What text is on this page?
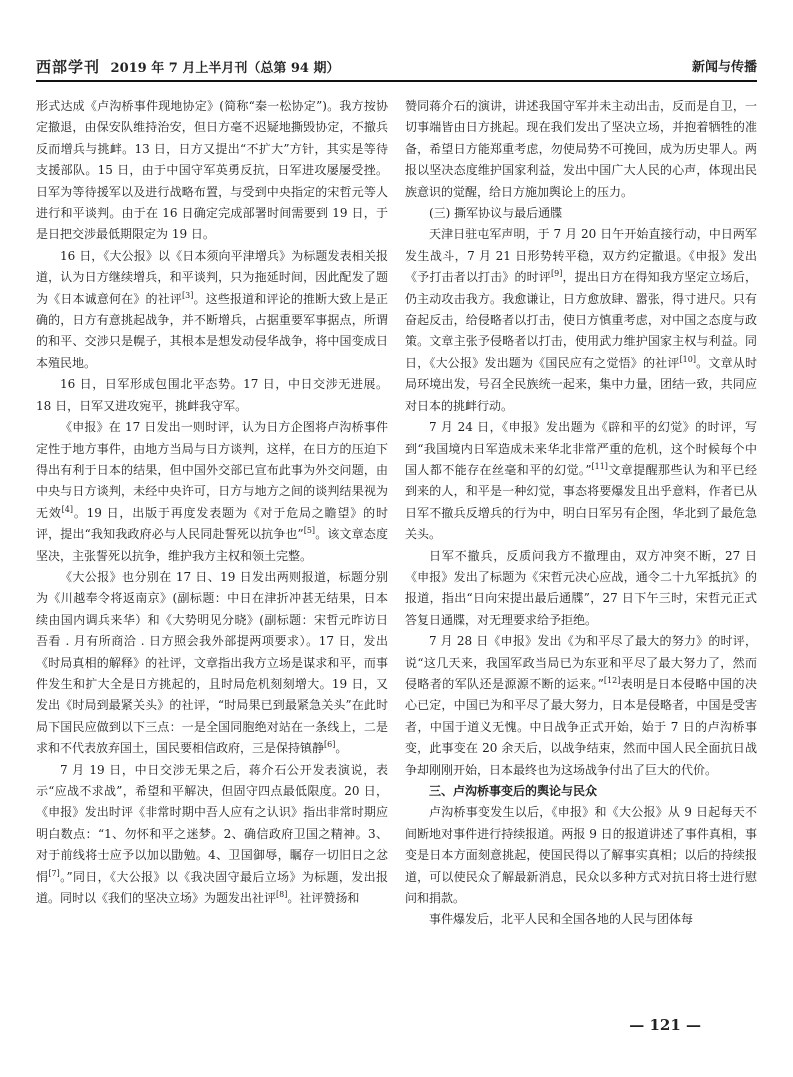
西部学刊 2019 年 7 月上半月刊（总第 94 期）	新闻与传播

形式达成《卢沟桥事件现地协定》(简称“秦一松协定”)。我方按协定撤退，由保安队维持治安，但日方毫不迟疑地撕毁协定，不撤兵反而增兵与挑衅。13 日，日方又提出“不扩大”方针，其实是等待支援部队。15 日，由于中国守军英勇反抗，日军进攻屡屡受挫。日军为等待援军以及进行战略布置，与受到中央指定的宋哲元等人进行和平谈判。由于在 16 日确定完成部署时间需要到 19 日，于是日把交涉最低期限定为 19 日。

16 日，《大公报》以《日本须向平津增兵》为标题发表相关报道，认为日方继续增兵，和平谈判，只为拖延时间，因此配发了题为《日本诚意何在》的社评[3]。这些报道和评论的推断大致上是正确的，日方有意挑起战争，并不断增兵，占据重要军事据点，所谓的和平、交涉只是幌子，其根本是想发动侵华战争，将中国变成日本殖民地。

16 日，日军形成包围北平态势。17 日，中日交涉无进展。18 日，日军又进攻宛平，挑衅我守军。

《申报》在 17 日发出一则时评，认为日方企图将卢沟桥事件定性于地方事件，由地方当局与日方谈判，这样，在日方的压迫下得出有利于日本的结果，但中国外交部已宣布此事为外交问题，由中央与日方谈判，未经中央许可，日方与地方之间的谈判结果视为无效[4]。19 日，出版于再度发表题为《对于危局之瞻望》的时评，提出“我知我政府必与人民同赴誓死以抗争也”[5]。该文章态度坚决，主张誓死以抗争，维护我方主权和领土完整。

《大公报》也分别在 17 日、19 日发出两则报道，标题分别为《川越奉令将返南京》(副标题：中日在津折冲甚无结果，日本续由国内调兵来华）和《大势明见分晓》(副标题：宋哲元昨访日吾看 . 月有所商洽 . 日方照会我外部提两项要求）。17 日，发出《时局真相的解释》的社评，文章指出我方立场是谋求和平，而事件发生和扩大全是日方挑起的，且时局危机刻刻增大。19 日，又发出《时局到最紧关头》的社评，“时局果已到最紧急关头”在此时局下国民应做到以下三点：一是全国同胞绝对站在一条线上，二是求和不代表放弃国土，国民要相信政府，三是保持镇静[6]。

7 月 19 日，中日交涉无果之后，蒋介石公开发表演说，表示“应战不求战”，希望和平解决，但固守四点最低限度。20 日，《申报》发出时评《非常时期中吾人应有之认识》指出非常时期应明白数点：“1、勿怀和平之迷梦。2、确信政府卫国之精神。3、对于前线将士应予以加以勖勉。4、卫国御辱，瞩存一切旧日之忿悁[7]。”同日，《大公报》以《我决固守最后立场》为标题，发出报道。同时以《我们的坚决立场》为题发出社评[8]。社评赞扬和

赞同蒋介石的演讲，讲述我国守军并未主动出击，反而是自卫，一切事端皆由日方挑起。现在我们发出了坚决立场，并抱着牺牲的准备，希望日方能郑重考虑，勿使局势不可挽回，成为历史罪人。两报以坚决态度维护国家利益，发出中国广大人民的心声，体现出民族意识的觉醒，给日方施加舆论上的压力。

(三) 撕军协议与最后通牒

天津日驻屯军声明，于 7 月 20 日午开始直接行动，中日两军发生战斗，7 月 21 日形势转平稳，双方约定撤退。《申报》发出《予打击者以打击》的时评[9]，提出日方在得知我方坚定立场后，仍主动攻击我方。我愈谦让，日方愈放肆、嚣张，得寸进尺。只有奋起反击，给侵略者以打击，使日方慎重考虑，对中国之态度与政策。文章主张予侵略者以打击，使用武力维护国家主权与利益。同日，《大公报》发出题为《国民应有之觉悟》的社评[10]。文章从时局环境出发，号召全民族统一起来，集中力量，团结一致，共同应对日本的挑衅行动。

7 月 24 日，《申报》发出题为《辟和平的幻觉》的时评，写到“我国境内日军造成未来华北非常严重的危机，这个时候每个中国人都不能存在丝毫和平的幻觉。”[11]文章提醒那些认为和平已经到来的人，和平是一种幻觉，事态将要爆发且出乎意料，作者已从日军不撤兵反增兵的行为中，明白日军另有企图，华北到了最危急关头。

日军不撤兵，反质问我方不撤理由，双方冲突不断，27 日《申报》发出了标题为《宋哲元决心应战，通令二十九军抵抗》的报道，指出“日向宋提出最后通牒”，27 日下午三时，宋哲元正式答复日通牒，对无理要求给予拒绝。

7 月 28 日《申报》发出《为和平尽了最大的努力》的时评，说“这几天来，我国军政当局已为东亚和平尽了最大努力了，然而侵略者的军队还是源源不断的运来。”[12]表明是日本侵略中国的决心已定，中国已为和平尽了最大努力，日本是侵略者，中国是受害者，中国于道义无愧。中日战争正式开始，始于 7 日的卢沟桥事变，此事变在 20 余天后，以战争结束，然而中国人民全面抗日战争却刚刚开始，日本最终也为这场战争付出了巨大的代价。

三、卢沟桥事变后的舆论与民众

卢沟桥事变发生以后，《申报》和《大公报》从 9 日起每天不间断地对事件进行持续报道。两报 9 日的报道讲述了事件真相，事变是日本方面刻意挑起，使国民得以了解事实真相；以后的持续报道，可以使民众了解最新消息，民众以多种方式对抗日将士进行慰问和捐款。

事件爆发后，北平人民和全国各地的人民与团体每

— 121 —
